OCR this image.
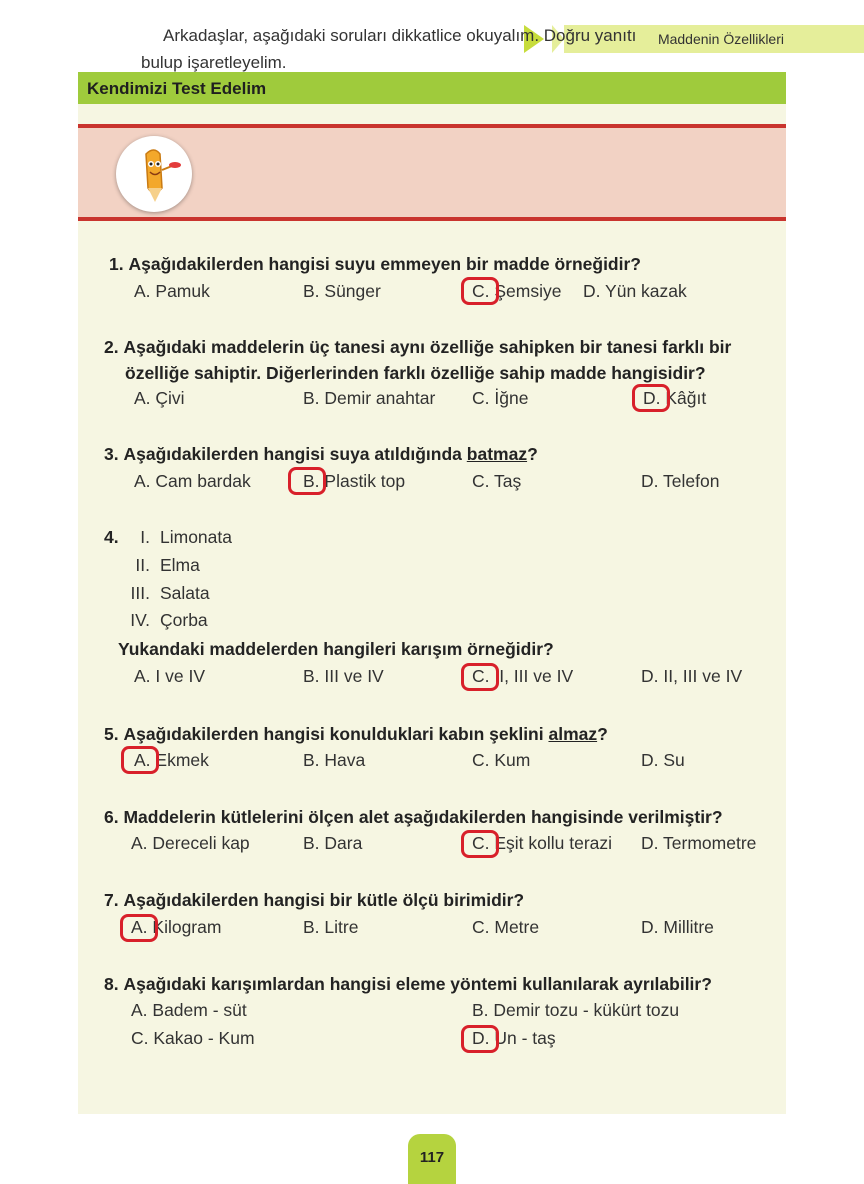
Maddenin Özellikleri
Kendimizi Test Edelim
Arkadaşlar, aşağıdaki soruları dikkatlice okuyalım. Doğru yanıtı
bulup işaretleyelim.
1. Aşağıdakilerden hangisi suyu emmeyen bir madde örneğidir?
A. Pamuk	B. Sünger	C. Şemsiye D. Yün kazak
2. Aşağıdaki maddelerin üç tanesi aynı özelliğe sahipken bir tanesi farklı bir
özelliğe sahiptir. Diğerlerinden farklı özelliğe sahip madde hangisidir?
A. Çivi	B. Demir anahtar C. İğne	D. Kâğıt
3. Aşağıdakilerden hangisi suya atıldığında batmaz?
A. Cam bardak	B. Plastik top	C. Taş	D. Telefon
4.	I. Limonata
II. Elma
III. Salata
IV. Çorba
Yukandaki maddelerden hangileri karışım örneğidir?
A. I ve IV	B. III ve IV	C. II, III ve IV	D. II, III ve IV
5. Aşağıdakilerden hangisi konulduklari kabın şeklini almaz?
A. Ekmek	B. Hava	C. Kum	D. Su
6. Maddelerin kütlelerini ölçen alet aşağıdakilerden hangisinde verilmiştir?
A. Dereceli kap	B. Dara	C. Eşit kollu terazi D. Termometre
7. Aşağıdakilerden hangisi bir kütle ölçü birimidir?
A. Kilogram	B. Litre	C. Metre	D. Millitre
8. Aşağıdaki karışımlardan hangisi eleme yöntemi kullanılarak ayrılabilir?
A. Badem - süt	B. Demir tozu - kükürt tozu
C. Kakao - Kum	D. Un - taş
117
